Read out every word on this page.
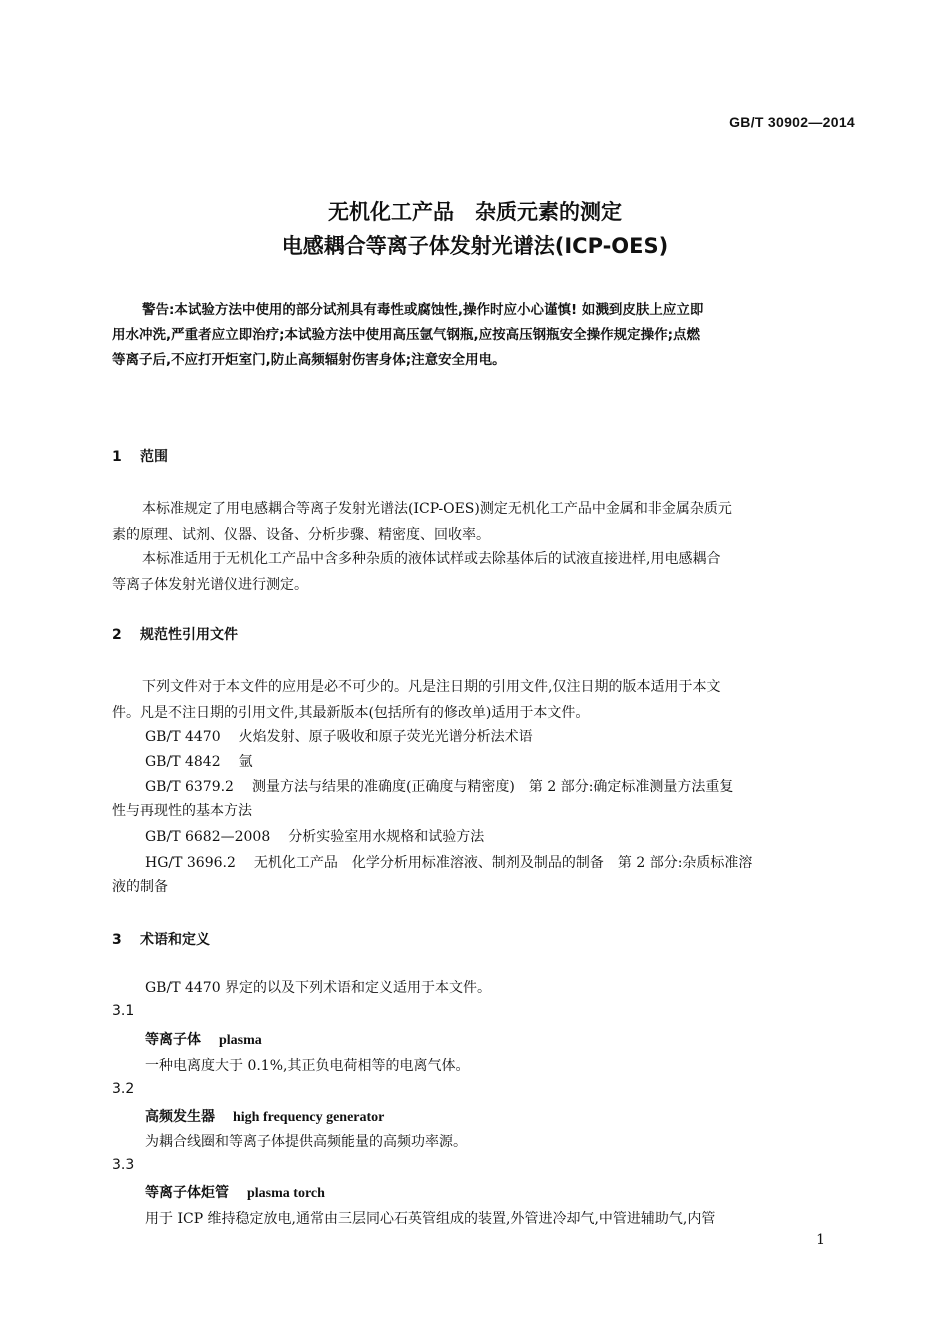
GB/T 30902—2014
无机化工产品　杂质元素的测定
电感耦合等离子体发射光谱法(ICP-OES)
警告:本试验方法中使用的部分试剂具有毒性或腐蚀性,操作时应小心谨慎! 如溅到皮肤上应立即
用水冲洗,严重者应立即治疗;本试验方法中使用高压氩气钢瓶,应按高压钢瓶安全操作规定操作;点燃
等离子后,不应打开炬室门,防止高频辐射伤害身体;注意安全用电。
1 范围
本标准规定了用电感耦合等离子发射光谱法(ICP-OES)测定无机化工产品中金属和非金属杂质元
素的原理、试剂、仪器、设备、分析步骤、精密度、回收率。
本标准适用于无机化工产品中含多种杂质的液体试样或去除基体后的试液直接进样,用电感耦合
等离子体发射光谱仪进行测定。
2 规范性引用文件
下列文件对于本文件的应用是必不可少的。凡是注日期的引用文件,仅注日期的版本适用于本文
件。凡是不注日期的引用文件,其最新版本(包括所有的修改单)适用于本文件。
GB/T 4470 火焰发射、原子吸收和原子荧光光谱分析法术语
GB/T 4842 氩
GB/T 6379.2 测量方法与结果的准确度(正确度与精密度)　第 2 部分:确定标准测量方法重复
性与再现性的基本方法
GB/T 6682—2008 分析实验室用水规格和试验方法
HG/T 3696.2 无机化工产品　化学分析用标准溶液、制剂及制品的制备　第 2 部分:杂质标准溶
液的制备
3 术语和定义
GB/T 4470 界定的以及下列术语和定义适用于本文件。
3.1
等离子体 plasma
一种电离度大于 0.1%,其正负电荷相等的电离气体。
3.2
高频发生器 high frequency generator
为耦合线圈和等离子体提供高频能量的高频功率源。
3.3
等离子体炬管 plasma torch
用于 ICP 维持稳定放电,通常由三层同心石英管组成的装置,外管进冷却气,中管进辅助气,内管
1
